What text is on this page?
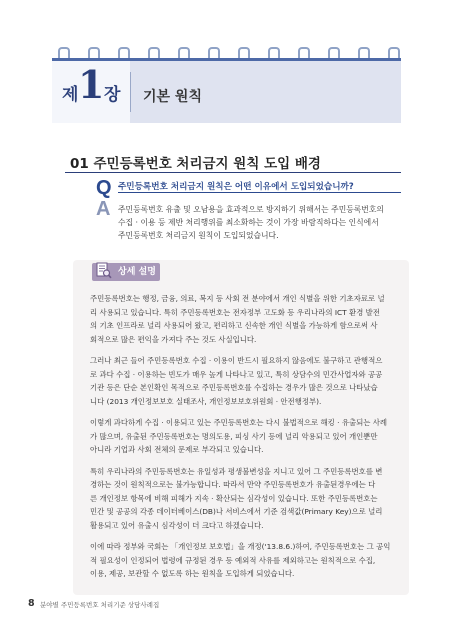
제 1 장 기본 원칙
01 주민등록번호 처리금지 원칙 도입 배경
Q 주민등록번호 처리금지 원칙은 어떤 이유에서 도입되었습니까?
A 주민등록번호 유출 및 오남용을 효과적으로 방지하기 위해서는 주민등록번호의
수집 · 이용 등 제반 처리행위를 최소화하는 것이 가장 바람직하다는 인식에서
주민등록번호 처리금지 원칙이 도입되었습니다.
상세 설명
주민등록번호는 행정, 금융, 의료, 복지 등 사회 전 분야에서 개인 식별을 위한 기초자료로 널
리 사용되고 있습니다. 특히 주민등록번호는 전자정부 고도화 등 우리나라의 ICT 환경 발전
의 기초 인프라로 널리 사용되어 왔고, 편리하고 신속한 개인 식별을 가능하게 함으로써 사
회적으로 많은 편익을 가져다 주는 것도 사실입니다.
그러나 최근 들어 주민등록번호 수집 · 이용이 반드시 필요하지 않음에도 불구하고 관행적으
로 과다 수집 · 이용하는 빈도가 매우 높게 나타나고 있고, 특히 상담수의 민간사업자와 공공
기관 등은 단순 본인확인 목적으로 주민등록번호를 수집하는 경우가 많은 것으로 나타났습
니다 (2013 개인정보보호 실태조사, 개인정보보호위원회 · 안전행정부).
이렇게 과다하게 수집 · 이용되고 있는 주민등록번호는 다시 불법적으로 해킹 · 유출되는 사례
가 많으며, 유출된 주민등록번호는 명의도용, 피싱 사기 등에 널리 악용되고 있어 개인뿐만
아니라 기업과 사회 전체의 문제로 부각되고 있습니다.
특히 우리나라의 주민등록번호는 유일성과 평생불변성을 지니고 있어 그 주민등록번호를 변
경하는 것이 원칙적으로는 불가능합니다. 따라서 만약 주민등록번호가 유출된경우에는 다
른 개인정보 항목에 비해 피해가 지속 · 확산되는 심각성이 있습니다. 또한 주민등록번호는
민간 및 공공의 각종 데이터베이스(DB)나 서비스에서 기준 검색값(Primary Key)으로 널리
활용되고 있어 유출시 심각성이 더 크다고 하겠습니다.
이에 따라 정부와 국회는 「개인정보 보호법」을 개정('13.8.6.)하여, 주민등록번호는 그 공익
적 필요성이 인정되어 법령에 규정된 경우 등 예외적 사유를 제외하고는 원칙적으로 수집,
이용, 제공, 보관할 수 없도록 하는 원칙을 도입하게 되었습니다.
8 분야별 주민등록번호 처리기준 상담사례집
